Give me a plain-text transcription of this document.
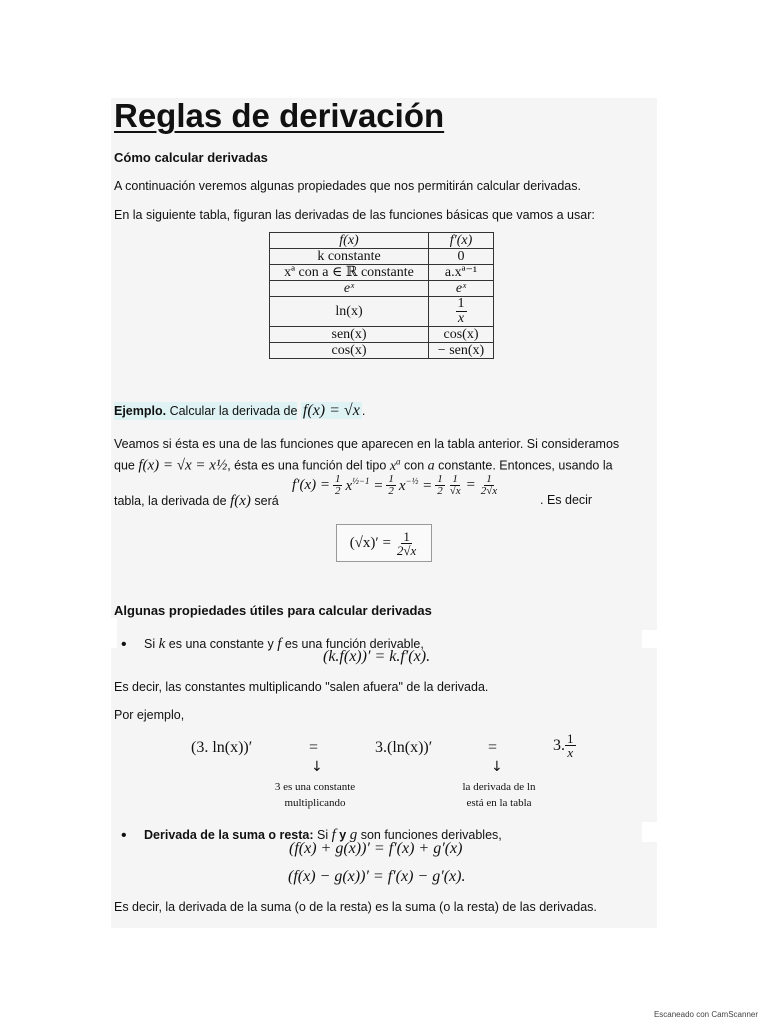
Reglas de derivación
Cómo calcular derivadas
A continuación veremos algunas propiedades que nos permitirán calcular derivadas.
En la siguiente tabla, figuran las derivadas de las funciones básicas que vamos a usar:
f(x)	f′(x)
k constante	0
xª con a ∈ ℝ constante	a.xª⁻¹
eˣ	eˣ
ln(x)	$\frac{1}{x}$

sen(x)	cos(x)
cos(x)	− sen(x)
Ejemplo. Calcular la derivada de f(x) = √x .
Veamos si ésta es una de las funciones que aparecen en la tabla anterior. Si consideramos
que f(x) = √x = x½, ésta es una función del tipo $x^a$ con a constante. Entonces, usando la
tabla, la derivada de f(x) será
$f'(x) = \frac{1}{2} x^{\frac{1}{2}-1} = \frac{1}{2} x^{-\frac{1}{2}} = \frac{1}{2} \frac{1}{√x} = \frac{1}{2√x}$
. Es decir
$(√x)' = \frac{1}{2√x}$
Algunas propiedades útiles para calcular derivadas
• Si k es una constante y f es una función derivable,
(k.f(x))′ = k.f′(x).
Es decir, las constantes multiplicando "salen afuera" de la derivada.
Por ejemplo,
(3. ln(x))′	=	3.(ln(x))′	=	3. $\frac{1}{x}$
↓	↓
3 es una constante
multiplicando
la derivada de ln
está en la tabla
• Derivada de la suma o resta: Si f y g son funciones derivables,
(f(x) + g(x))′ = f′(x) + g′(x)
(f(x) − g(x))′ = f′(x) − g′(x).
Es decir, la derivada de la suma (o de la resta) es la suma (o la resta) de las derivadas.
Escaneado con CamScanner
